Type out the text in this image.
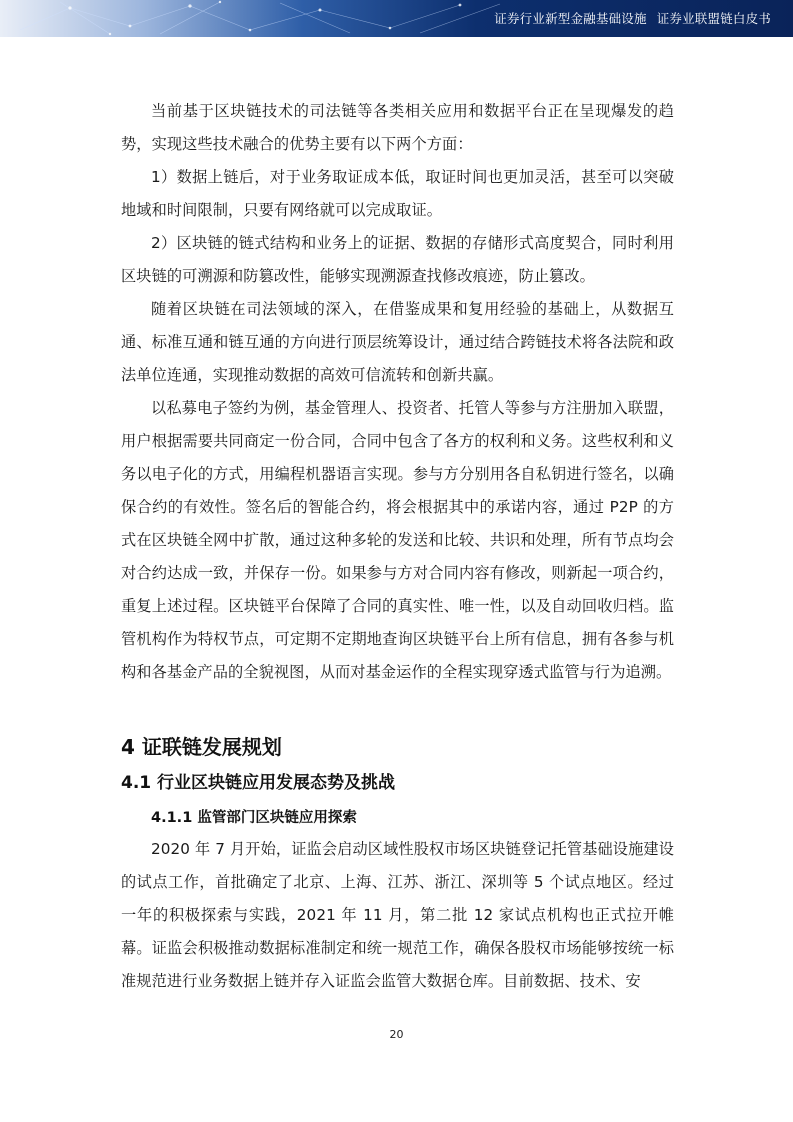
证券行业新型金融基础设施 证券业联盟链白皮书

当前基于区块链技术的司法链等各类相关应用和数据平台正在呈现爆发的趋势，实现这些技术融合的优势主要有以下两个方面：

1）数据上链后，对于业务取证成本低，取证时间也更加灵活，甚至可以突破地域和时间限制，只要有网络就可以完成取证。

2）区块链的链式结构和业务上的证据、数据的存储形式高度契合，同时利用区块链的可溯源和防篡改性，能够实现溯源查找修改痕迹，防止篡改。

随着区块链在司法领域的深入，在借鉴成果和复用经验的基础上，从数据互通、标准互通和链互通的方向进行顶层统筹设计，通过结合跨链技术将各法院和政法单位连通，实现推动数据的高效可信流转和创新共赢。

以私募电子签约为例，基金管理人、投资者、托管人等参与方注册加入联盟，用户根据需要共同商定一份合同，合同中包含了各方的权利和义务。这些权利和义务以电子化的方式，用编程机器语言实现。参与方分别用各自私钥进行签名，以确保合约的有效性。签名后的智能合约，将会根据其中的承诺内容，通过 P2P 的方式在区块链全网中扩散，通过这种多轮的发送和比较、共识和处理，所有节点均会对合约达成一致，并保存一份。如果参与方对合同内容有修改，则新起一项合约，重复上述过程。区块链平台保障了合同的真实性、唯一性，以及自动回收归档。监管机构作为特权节点，可定期不定期地查询区块链平台上所有信息，拥有各参与机构和各基金产品的全貌视图，从而对基金运作的全程实现穿透式监管与行为追溯。

4 证联链发展规划
4.1 行业区块链应用发展态势及挑战
4.1.1 监管部门区块链应用探索

2020 年 7 月开始，证监会启动区域性股权市场区块链登记托管基础设施建设的试点工作，首批确定了北京、上海、江苏、浙江、深圳等 5 个试点地区。经过一年的积极探索与实践，2021 年 11 月，第二批 12 家试点机构也正式拉开帷幕。证监会积极推动数据标准制定和统一规范工作，确保各股权市场能够按统一标准规范进行业务数据上链并存入证监会监管大数据仓库。目前数据、技术、安

20
